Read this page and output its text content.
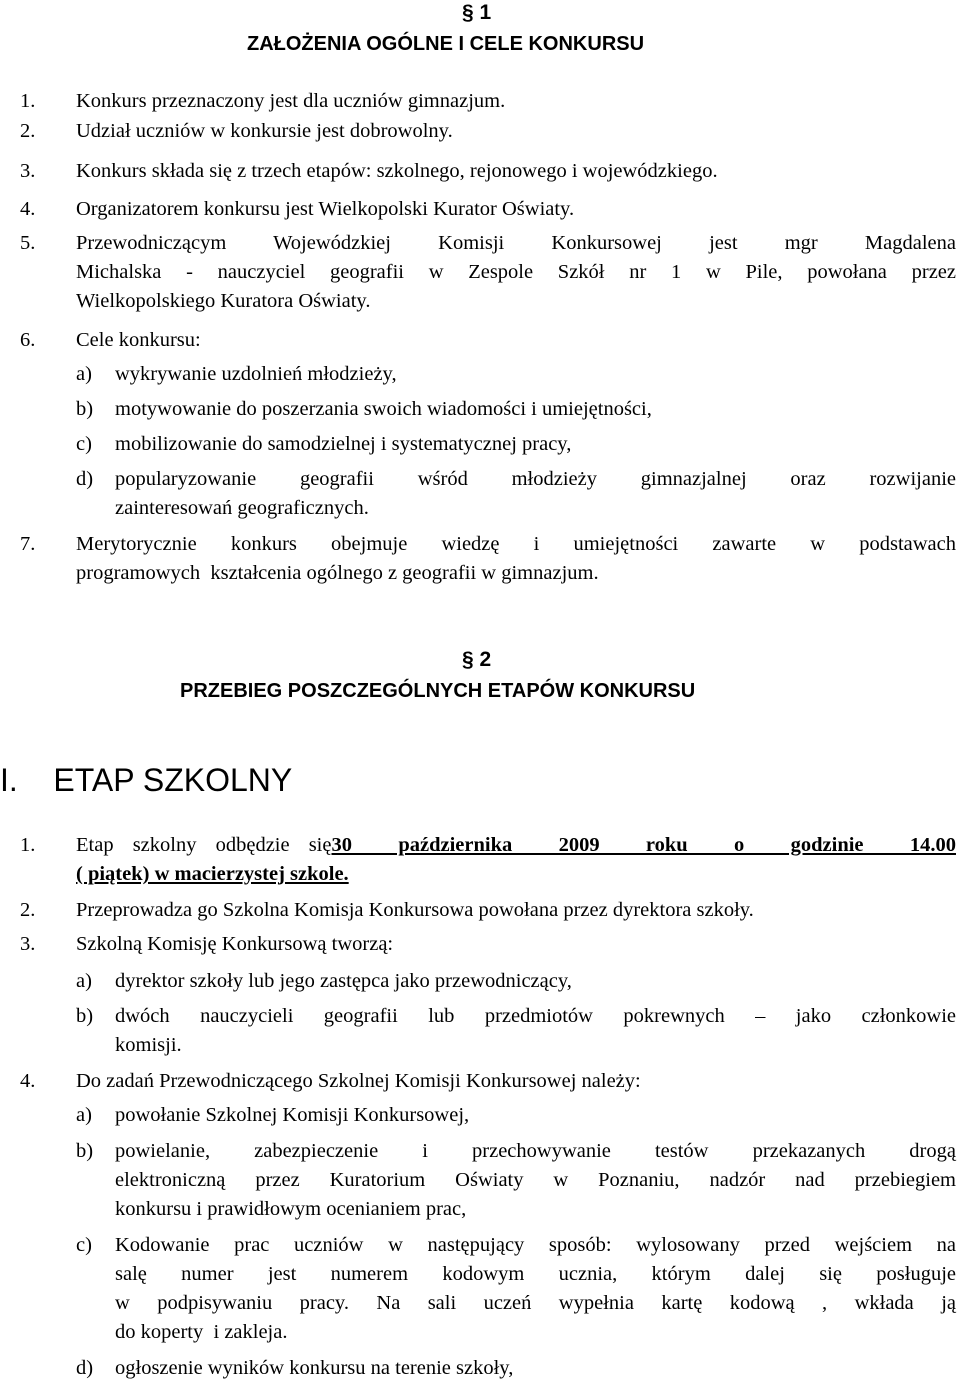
§ 1
ZAŁOŻENIA OGÓLNE I CELE KONKURSU
1. Konkurs przeznaczony jest dla uczniów gimnazjum.
2. Udział uczniów w konkursie jest dobrowolny.
3. Konkurs składa się z trzech etapów: szkolnego, rejonowego i wojewódzkiego.
4. Organizatorem konkursu jest Wielkopolski Kurator Oświaty.
5. Przewodniczącym Wojewódzkiej Komisji Konkursowej jest mgr Magdalena
Michalska - nauczyciel geografii w Zespole Szkół nr 1 w Pile, powołana przez
Wielkopolskiego Kuratora Oświaty.
6. Cele konkursu:
a) wykrywanie uzdolnień młodzieży,
b) motywowanie do poszerzania swoich wiadomości i umiejętności,
c) mobilizowanie do samodzielnej i systematycznej pracy,
d) popularyzowanie geografii wśród młodzieży gimnazjalnej oraz rozwijanie
zainteresowań geograficznych.
7. Merytorycznie konkurs obejmuje wiedzę i umiejętności zawarte w podstawach
programowych  kształcenia ogólnego z geografii w gimnazjum.
§ 2
PRZEBIEG POSZCZEGÓLNYCH ETAPÓW KONKURSU
I.    ETAP SZKOLNY
1. Etap szkolny odbędzie się 30 października 2009 roku o godzinie 14.00
( piątek) w macierzystej szkole.
2. Przeprowadza go Szkolna Komisja Konkursowa powołana przez dyrektora szkoły.
3. Szkolną Komisję Konkursową tworzą:
a) dyrektor szkoły lub jego zastępca jako przewodniczący,
b) dwóch nauczycieli geografii lub przedmiotów pokrewnych – jako członkowie
komisji.
4. Do zadań Przewodniczącego Szkolnej Komisji Konkursowej należy:
a) powołanie Szkolnej Komisji Konkursowej,
b) powielanie, zabezpieczenie i przechowywanie testów przekazanych drogą
elektroniczną przez Kuratorium Oświaty w Poznaniu, nadzór nad przebiegiem
konkursu i prawidłowym ocenianiem prac,
c) Kodowanie prac uczniów w następujący sposób: wylosowany przed wejściem na
salę numer jest numerem kodowym ucznia, którym dalej się posługuje
w podpisywaniu pracy. Na sali uczeń wypełnia kartę kodową , wkłada ją
do koperty  i zakleja.
d) ogłoszenie wyników konkursu na terenie szkoły,
